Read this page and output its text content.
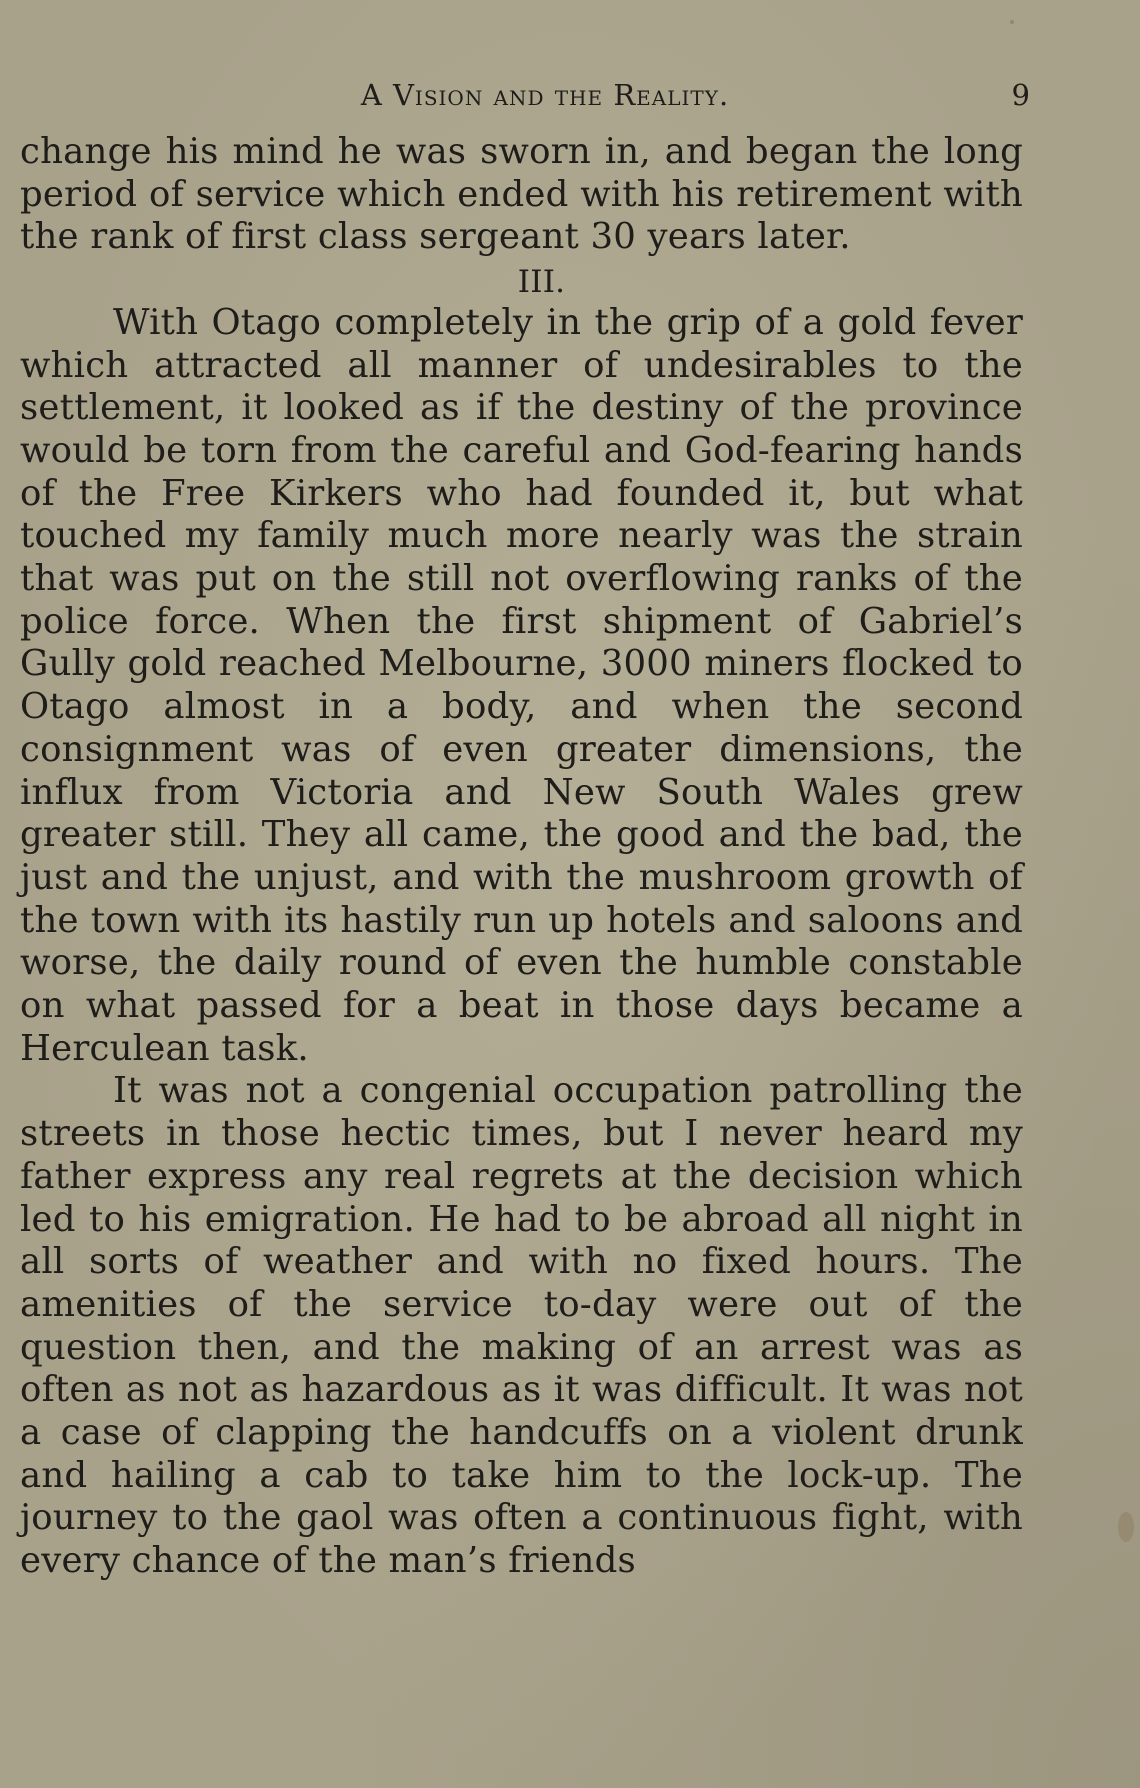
A Vision and the Reality.	9

change his mind he was sworn in, and began the long period of service which ended with his retirement with the rank of first class sergeant 30 years later.

III.

With Otago completely in the grip of a gold fever which attracted all manner of undesirables to the settlement, it looked as if the destiny of the province would be torn from the careful and God-fearing hands of the Free Kirkers who had founded it, but what touched my family much more nearly was the strain that was put on the still not overflowing ranks of the police force. When the first shipment of Gabriel’s Gully gold reached Melbourne, 3000 miners flocked to Otago almost in a body, and when the second consignment was of even greater dimensions, the influx from Victoria and New South Wales grew greater still. They all came, the good and the bad, the just and the unjust, and with the mushroom growth of the town with its hastily run up hotels and saloons and worse, the daily round of even the humble constable on what passed for a beat in those days became a Herculean task.

It was not a congenial occupation patrolling the streets in those hectic times, but I never heard my father express any real regrets at the decision which led to his emigration. He had to be abroad all night in all sorts of weather and with no fixed hours. The amenities of the service to-day were out of the question then, and the making of an arrest was as often as not as hazardous as it was difficult. It was not a case of clapping the handcuffs on a violent drunk and hailing a cab to take him to the lock-up. The journey to the gaol was often a continuous fight, with every chance of the man’s friends
